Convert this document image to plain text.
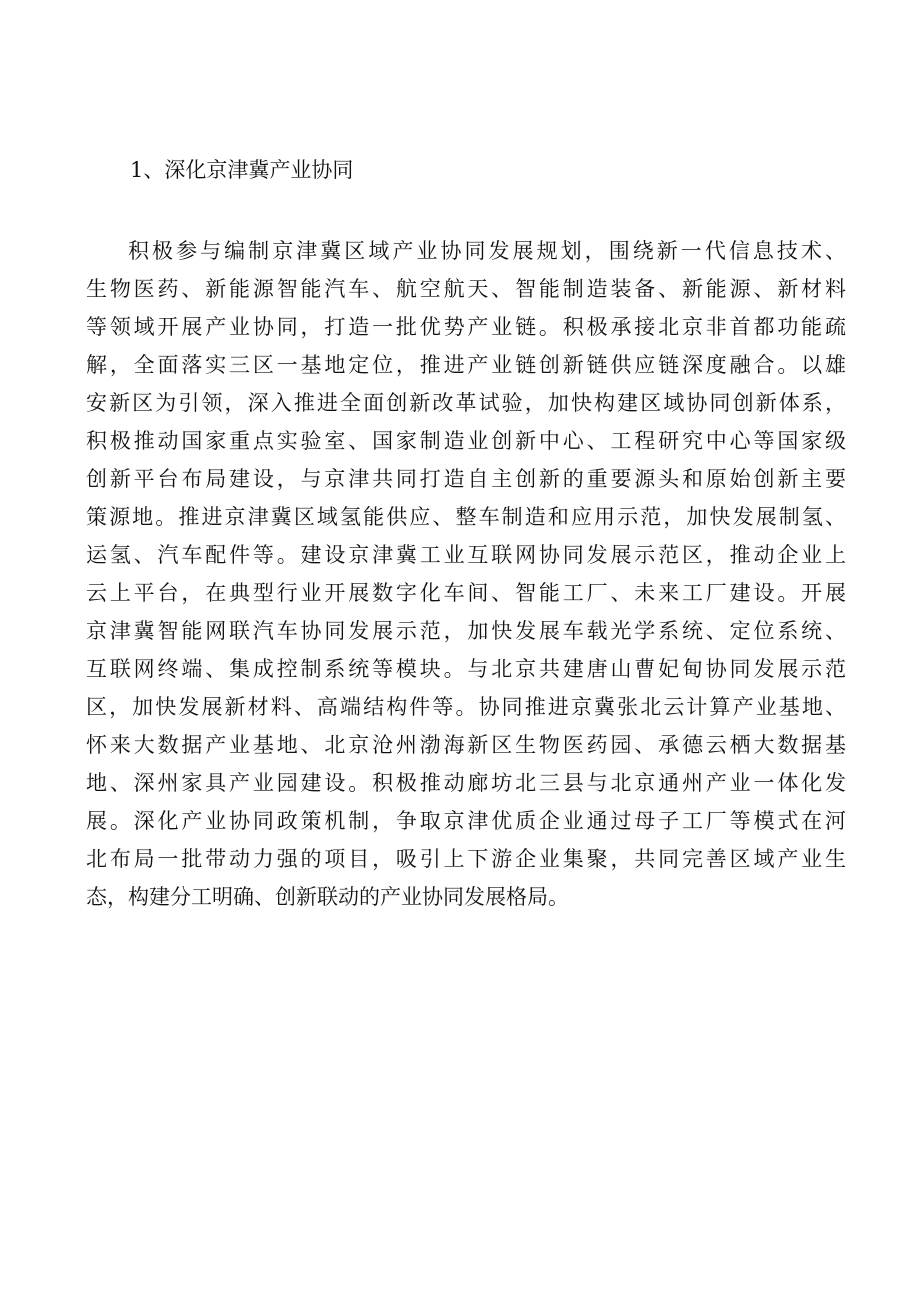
1、深化京津冀产业协同
积极参与编制京津冀区域产业协同发展规划，围绕新一代信息技术、
生物医药、新能源智能汽车、航空航天、智能制造装备、新能源、新材料
等领域开展产业协同，打造一批优势产业链。积极承接北京非首都功能疏
解，全面落实三区一基地定位，推进产业链创新链供应链深度融合。以雄
安新区为引领，深入推进全面创新改革试验，加快构建区域协同创新体系，
积极推动国家重点实验室、国家制造业创新中心、工程研究中心等国家级
创新平台布局建设，与京津共同打造自主创新的重要源头和原始创新主要
策源地。推进京津冀区域氢能供应、整车制造和应用示范，加快发展制氢、
运氢、汽车配件等。建设京津冀工业互联网协同发展示范区，推动企业上
云上平台，在典型行业开展数字化车间、智能工厂、未来工厂建设。开展
京津冀智能网联汽车协同发展示范，加快发展车载光学系统、定位系统、
互联网终端、集成控制系统等模块。与北京共建唐山曹妃甸协同发展示范
区，加快发展新材料、高端结构件等。协同推进京冀张北云计算产业基地、
怀来大数据产业基地、北京沧州渤海新区生物医药园、承德云栖大数据基
地、深州家具产业园建设。积极推动廊坊北三县与北京通州产业一体化发
展。深化产业协同政策机制，争取京津优质企业通过母子工厂等模式在河
北布局一批带动力强的项目，吸引上下游企业集聚，共同完善区域产业生
态，构建分工明确、创新联动的产业协同发展格局。
